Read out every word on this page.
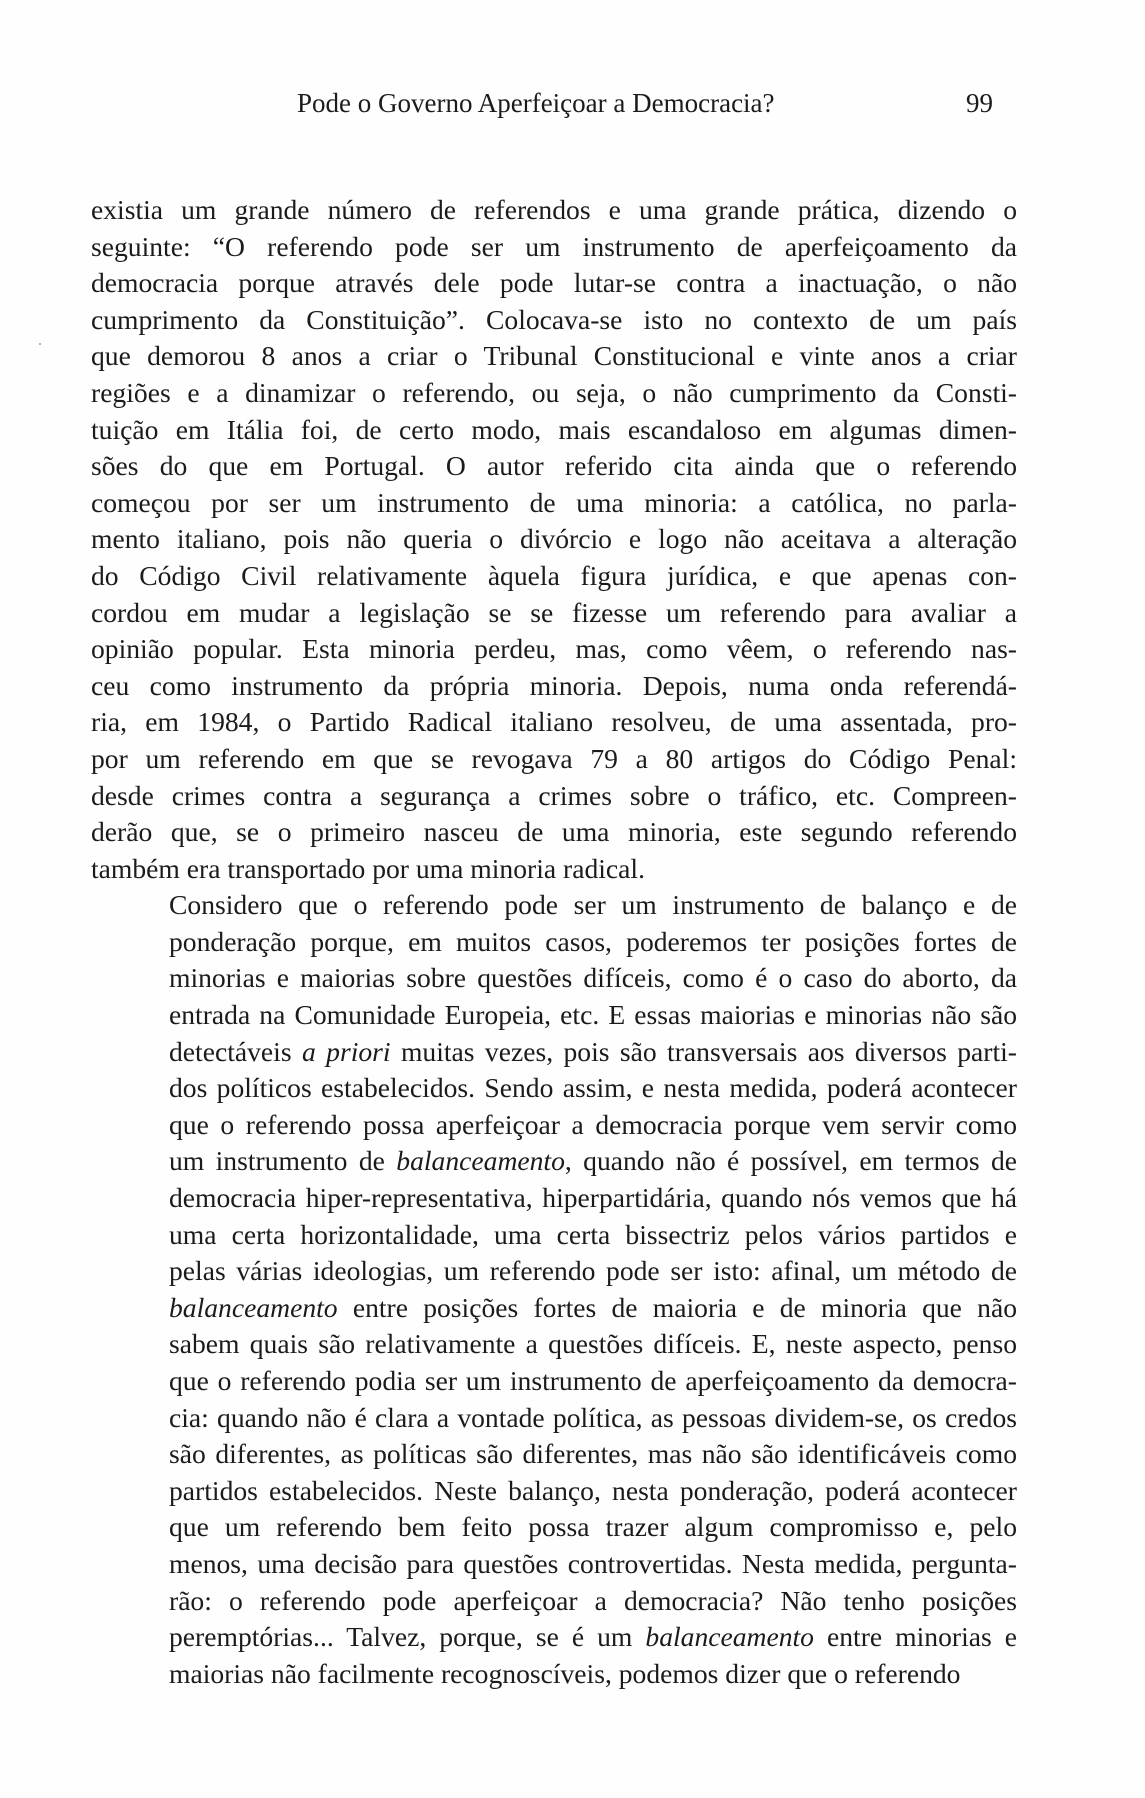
Pode o Governo Aperfeiçoar a Democracia?	99
existia um grande número de referendos e uma grande prática, dizendo o
seguinte: “O referendo pode ser um instrumento de aperfeiçoamento da
democracia porque através dele pode lutar-se contra a inactuação, o não
cumprimento da Constituição”. Colocava-se isto no contexto de um país
que demorou 8 anos a criar o Tribunal Constitucional e vinte anos a criar
regiões e a dinamizar o referendo, ou seja, o não cumprimento da Consti-
tuição em Itália foi, de certo modo, mais escandaloso em algumas dimen-
sões do que em Portugal. O autor referido cita ainda que o referendo
começou por ser um instrumento de uma minoria: a católica, no parla-
mento italiano, pois não queria o divórcio e logo não aceitava a alteração
do Código Civil relativamente àquela figura jurídica, e que apenas con-
cordou em mudar a legislação se se fizesse um referendo para avaliar a
opinião popular. Esta minoria perdeu, mas, como vêem, o referendo nas-
ceu como instrumento da própria minoria. Depois, numa onda referendá-
ria, em 1984, o Partido Radical italiano resolveu, de uma assentada, pro-
por um referendo em que se revogava 79 a 80 artigos do Código Penal:
desde crimes contra a segurança a crimes sobre o tráfico, etc. Compreen-
derão que, se o primeiro nasceu de uma minoria, este segundo referendo
também era transportado por uma minoria radical.
Considero que o referendo pode ser um instrumento de balanço e de
ponderação porque, em muitos casos, poderemos ter posições fortes de
minorias e maiorias sobre questões difíceis, como é o caso do aborto, da
entrada na Comunidade Europeia, etc. E essas maiorias e minorias não são
detectáveis a priori muitas vezes, pois são transversais aos diversos parti-
dos políticos estabelecidos. Sendo assim, e nesta medida, poderá acontecer
que o referendo possa aperfeiçoar a democracia porque vem servir como
um instrumento de balanceamento, quando não é possível, em termos de
democracia hiper-representativa, hiperpartidária, quando nós vemos que há
uma certa horizontalidade, uma certa bissectriz pelos vários partidos e
pelas várias ideologias, um referendo pode ser isto: afinal, um método de
balanceamento entre posições fortes de maioria e de minoria que não
sabem quais são relativamente a questões difíceis. E, neste aspecto, penso
que o referendo podia ser um instrumento de aperfeiçoamento da democra-
cia: quando não é clara a vontade política, as pessoas dividem-se, os credos
são diferentes, as políticas são diferentes, mas não são identificáveis como
partidos estabelecidos. Neste balanço, nesta ponderação, poderá acontecer
que um referendo bem feito possa trazer algum compromisso e, pelo
menos, uma decisão para questões controvertidas. Nesta medida, pergunta-
rão: o referendo pode aperfeiçoar a democracia? Não tenho posições
peremptórias... Talvez, porque, se é um balanceamento entre minorias e
maiorias não facilmente recognoscíveis, podemos dizer que o referendo
